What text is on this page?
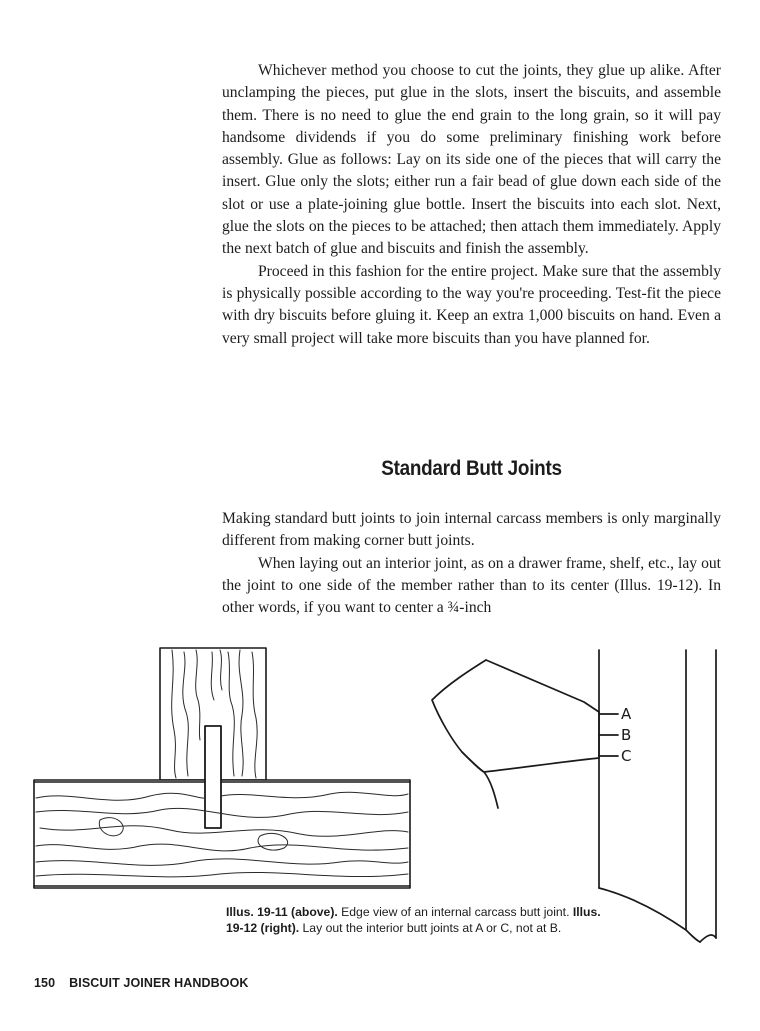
Whichever method you choose to cut the joints, they glue up alike. After unclamping the pieces, put glue in the slots, insert the biscuits, and assemble them. There is no need to glue the end grain to the long grain, so it will pay handsome dividends if you do some preliminary finishing work before assembly. Glue as follows: Lay on its side one of the pieces that will carry the insert. Glue only the slots; either run a fair bead of glue down each side of the slot or use a plate-joining glue bottle. Insert the biscuits into each slot. Next, glue the slots on the pieces to be attached; then attach them immediately. Apply the next batch of glue and biscuits and finish the assembly.

Proceed in this fashion for the entire project. Make sure that the assembly is physically possible according to the way you're proceeding. Test-fit the piece with dry biscuits before gluing it. Keep an extra 1,000 biscuits on hand. Even a very small project will take more biscuits than you have planned for.

Standard Butt Joints

Making standard butt joints to join internal carcass members is only marginally different from making corner butt joints.

When laying out an interior joint, as on a drawer frame, shelf, etc., lay out the joint to one side of the member rather than to its center (Illus. 19-12). In other words, if you want to center a ¾-inch

A
B
C
Illus. 19-11 (above). Edge view of an internal carcass butt joint. Illus. 19-12 (right). Lay out the interior butt joints at A or C, not at B.
150 BISCUIT JOINER HANDBOOK
